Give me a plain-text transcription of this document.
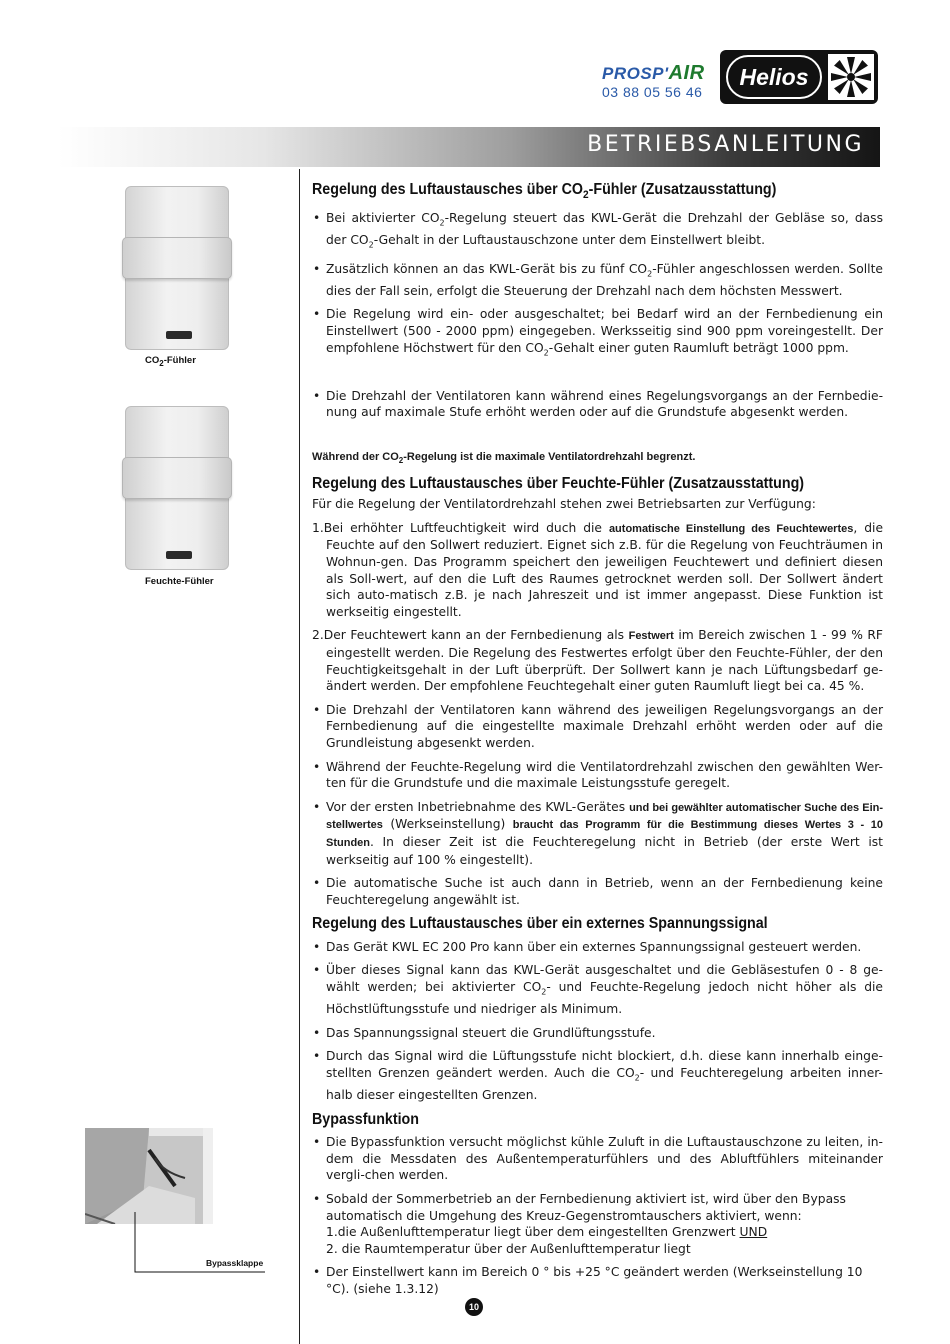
PROSP'AIR
03 88 05 56 46
Helios
BETRIEBSANLEITUNG
$CO_2$-Fühler
Feuchte-Fühler
Bypassklappe
Regelung des Luftaustausches über $CO_2$-Fühler (Zusatzausstattung)
• Bei aktivierter $CO_2$-Regelung steuert das KWL-Gerät die Drehzahl der Gebläse so, dass der $CO_2$-Gehalt in der Luftaustauschzone unter dem Einstellwert bleibt.
• Zusätzlich können an das KWL-Gerät bis zu fünf $CO_2$-Fühler angeschlossen werden. Sollte dies der Fall sein, erfolgt die Steuerung der Drehzahl nach dem höchsten Messwert.
• Die Regelung wird ein- oder ausgeschaltet; bei Bedarf wird an der Fernbedienung ein Einstellwert (500 - 2000 ppm) eingegeben. Werksseitig sind 900 ppm voreingestellt. Der empfohlene Höchstwert für den $CO_2$-Gehalt einer guten Raumluft beträgt 1000 ppm.
• Die Drehzahl der Ventilatoren kann während eines Regelungsvorgangs an der Fernbedie-nung auf maximale Stufe erhöht werden oder auf die Grundstufe abgesenkt werden.

Während der $CO_2$-Regelung ist die maximale Ventilatordrehzahl begrenzt.

Regelung des Luftaustausches über Feuchte-Fühler (Zusatzausstattung)

Für die Regelung der Ventilatordrehzahl stehen zwei Betriebsarten zur Verfügung:

1.Bei erhöhter Luftfeuchtigkeit wird duch die automatische Einstellung des Feuchtewertes, die Feuchte auf den Sollwert reduziert. Eignet sich z.B. für die Regelung von Feuchträumen in Wohnun-gen. Das Programm speichert den jeweiligen Feuchtewert und definiert diesen als Soll-wert, auf den die Luft des Raumes getrocknet werden soll. Der Sollwert ändert sich auto-matisch z.B. je nach Jahreszeit und ist immer angepasst. Diese Funktion ist werkseitig eingestellt.
2.Der Feuchtewert kann an der Fernbedienung als Festwert im Bereich zwischen 1 - 99 % RF eingestellt werden. Die Regelung des Festwertes erfolgt über den Feuchte-Fühler, der den Feuchtigkeitsgehalt in der Luft überprüft. Der Sollwert kann je nach Lüftungsbedarf ge-ändert werden. Der empfohlene Feuchtegehalt einer guten Raumluft liegt bei ca. 45 %.
• Die Drehzahl der Ventilatoren kann während des jeweiligen Regelungsvorgangs an der Fernbedienung auf die eingestellte maximale Drehzahl erhöht werden oder auf die Grundleistung abgesenkt werden.
• Während der Feuchte-Regelung wird die Ventilatordrehzahl zwischen den gewählten Wer-ten für die Grundstufe und die maximale Leistungsstufe geregelt.
• Vor der ersten Inbetriebnahme des KWL-Gerätes und bei gewählter automatischer Suche des Ein-stellwertes (Werkseinstellung) braucht das Programm für die Bestimmung dieses Wertes 3 - 10 Stunden. In dieser Zeit ist die Feuchteregelung nicht in Betrieb (der erste Wert ist werkseitig auf 100 % eingestellt).
• Die automatische Suche ist auch dann in Betrieb, wenn an der Fernbedienung keine Feuchteregelung angewählt ist.
Regelung des Luftaustausches über ein externes Spannungssignal
• Das Gerät KWL EC 200 Pro kann über ein externes Spannungssignal gesteuert werden.
• Über dieses Signal kann das KWL-Gerät ausgeschaltet und die Gebläsestufen 0 - 8 ge-wählt werden; bei aktivierter $CO_2-$ und Feuchte-Regelung jedoch nicht höher als die Höchstlüftungsstufe und niedriger als Minimum.
• Das Spannungssignal steuert die Grundlüftungsstufe.
• Durch das Signal wird die Lüftungsstufe nicht blockiert, d.h. diese kann innerhalb einge-stellten Grenzen geändert werden. Auch die $CO_2-$ und Feuchteregelung arbeiten inner-halb dieser eingestellten Grenzen.
Bypassfunktion
• Die Bypassfunktion versucht möglichst kühle Zuluft in die Luftaustauschzone zu leiten, in-dem die Messdaten des Außentemperaturfühlers und des Abluftfühlers miteinander vergli-chen werden.
• Sobald der Sommerbetrieb an der Fernbedienung aktiviert ist, wird über den Bypass automatisch die Umgehung des Kreuz-Gegenstromtauschers aktiviert, wenn:
1.die Außenlufttemperatur liegt über dem eingestellten Grenzwert UND
2. die Raumtemperatur über der Außenlufttemperatur liegt
• Der Einstellwert kann im Bereich 0 ° bis +25 °C geändert werden (Werkseinstellung 10 °C). (siehe 1.3.12)
10
